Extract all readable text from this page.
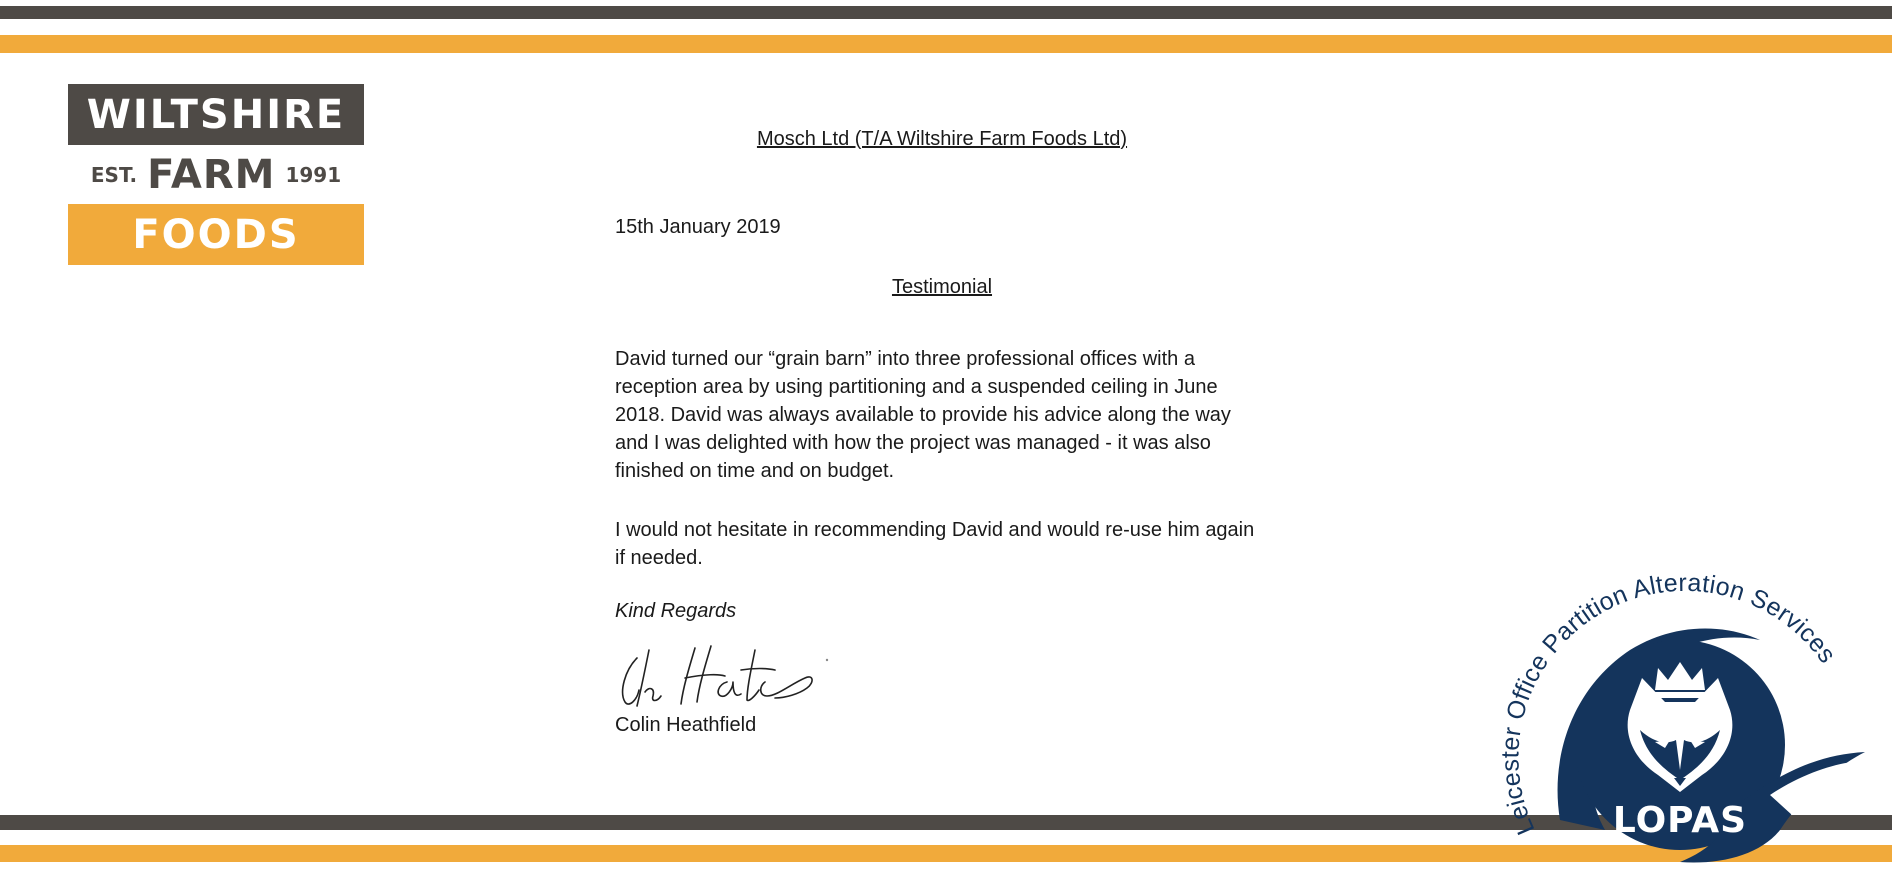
WILTSHIRE
EST. FARM 1991
FOODS
Mosch Ltd (T/A Wiltshire Farm Foods Ltd)
15th January 2019
Testimonial
David turned our “grain barn” into three professional offices with a reception area by using partitioning and a suspended ceiling in June 2018. David was always available to provide his advice along the way and I was delighted with how the project was managed - it was also finished on time and on budget.
I would not hesitate in recommending David and would re-use him again if needed.
Kind Regards
Colin Heathfield
Leicester Office Partition Alteration Services
LOPAS
